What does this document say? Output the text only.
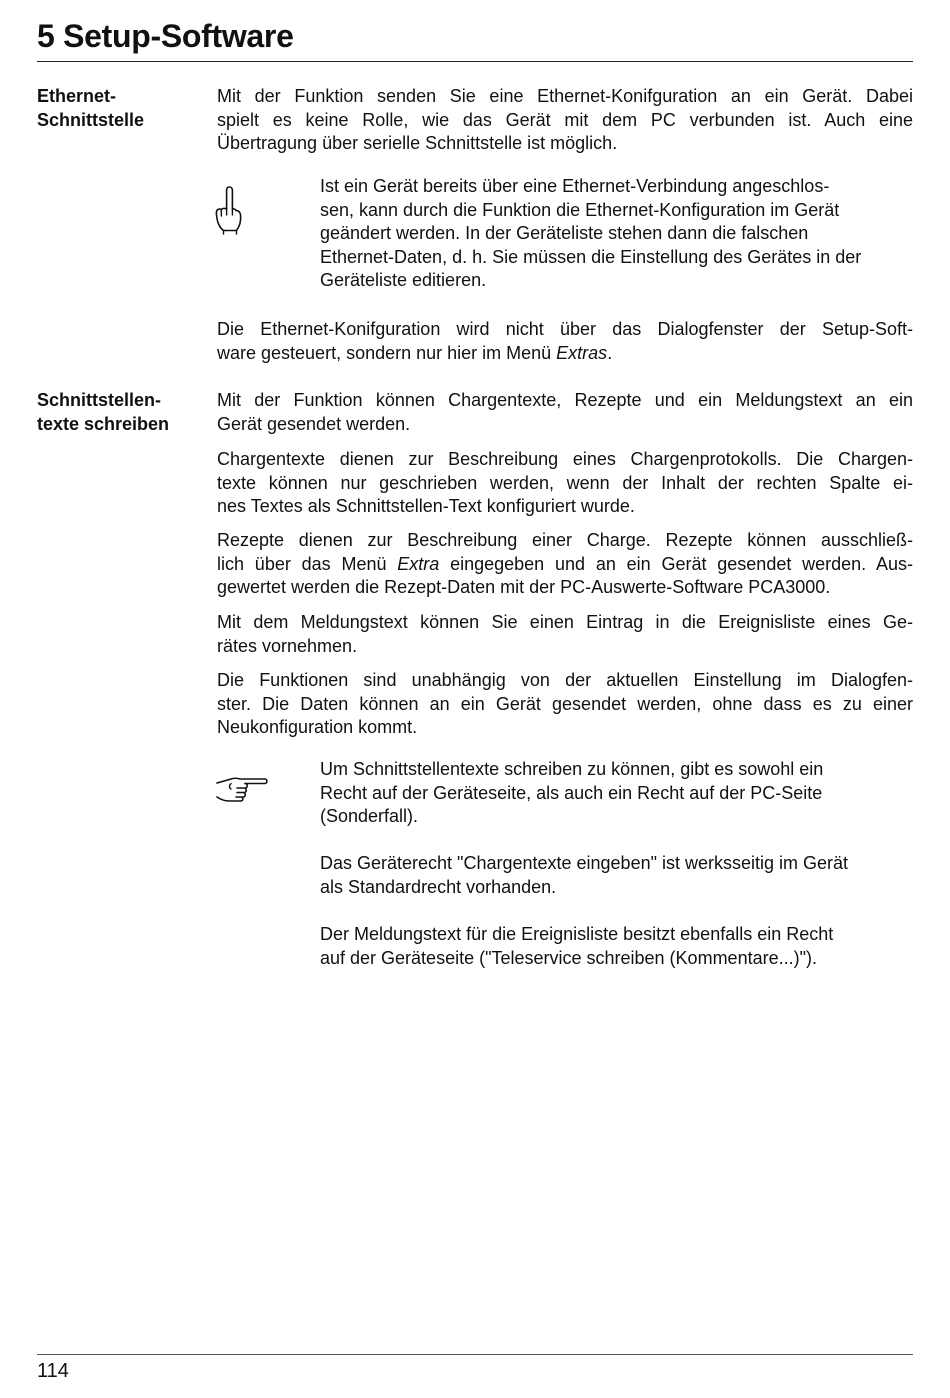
5 Setup-Software
Ethernet-
Schnittstelle
Mit der Funktion senden Sie eine Ethernet-Konifguration an ein Gerät. Dabei
spielt es keine Rolle, wie das Gerät mit dem PC verbunden ist. Auch eine
Übertragung über serielle Schnittstelle ist möglich.
Ist ein Gerät bereits über eine Ethernet-Verbindung angeschlos-
sen, kann durch die Funktion die Ethernet-Konfiguration im Gerät
geändert werden. In der Geräteliste stehen dann die falschen
Ethernet-Daten, d. h. Sie müssen die Einstellung des Gerätes in der
Geräteliste editieren.
Die Ethernet-Konifguration wird nicht über das Dialogfenster der Setup-Soft-
ware gesteuert, sondern nur hier im Menü Extras.
Schnittstellen-
texte schreiben
Mit der Funktion können Chargentexte, Rezepte und ein Meldungstext an ein
Gerät gesendet werden.
Chargentexte dienen zur Beschreibung eines Chargenprotokolls. Die Chargen-
texte können nur geschrieben werden, wenn der Inhalt der rechten Spalte ei-
nes Textes als Schnittstellen-Text konfiguriert wurde.
Rezepte dienen zur Beschreibung einer Charge. Rezepte können ausschließ-
lich über das Menü Extra eingegeben und an ein Gerät gesendet werden. Aus-
gewertet werden die Rezept-Daten mit der PC-Auswerte-Software PCA3000.
Mit dem Meldungstext können Sie einen Eintrag in die Ereignisliste eines Ge-
rätes vornehmen.
Die Funktionen sind unabhängig von der aktuellen Einstellung im Dialogfen-
ster. Die Daten können an ein Gerät gesendet werden, ohne dass es zu einer
Neukonfiguration kommt.
Um Schnittstellentexte schreiben zu können, gibt es sowohl ein
Recht auf der Geräteseite, als auch ein Recht auf der PC-Seite
(Sonderfall).
Das Geräterecht "Chargentexte eingeben" ist werksseitig im Gerät
als Standardrecht vorhanden.
Der Meldungstext für die Ereignisliste besitzt ebenfalls ein Recht
auf der Geräteseite ("Teleservice schreiben (Kommentare...)").
114
